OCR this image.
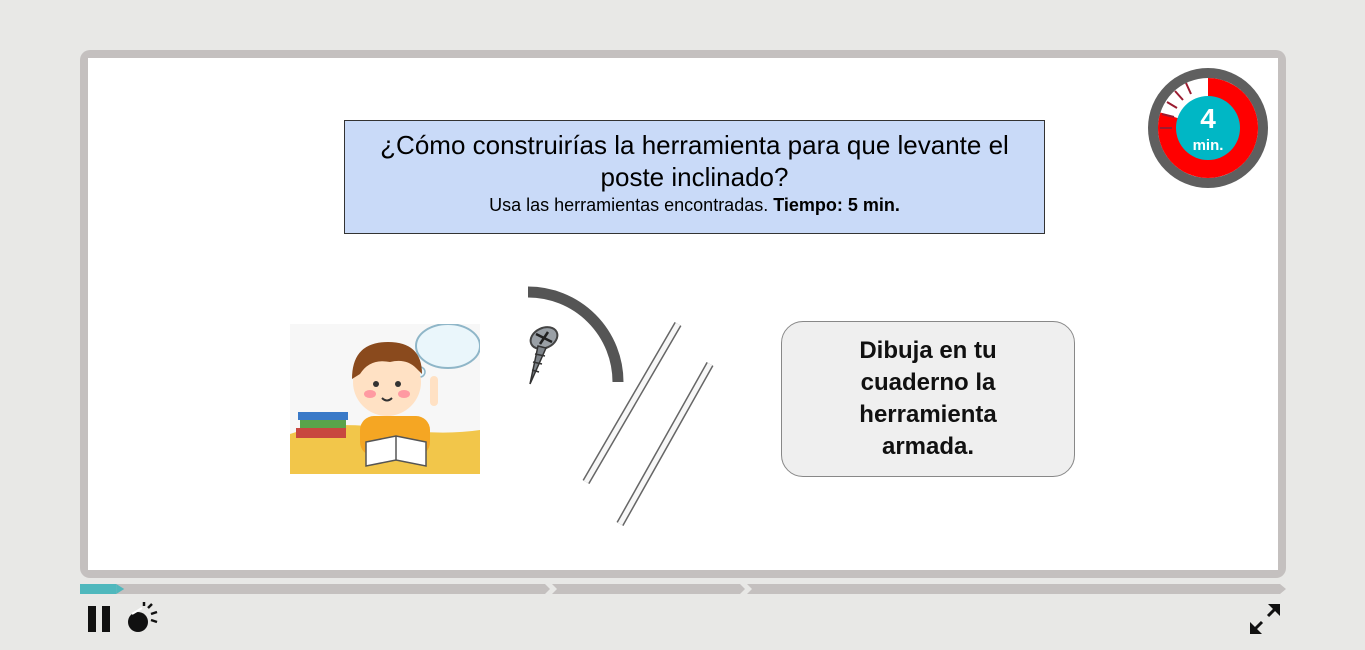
¿Cómo construirías la herramienta para que levante el poste inclinado?
Usa las herramientas encontradas. Tiempo: 5 min.
4
min.
Dibuja en tu cuaderno la herramienta armada.
